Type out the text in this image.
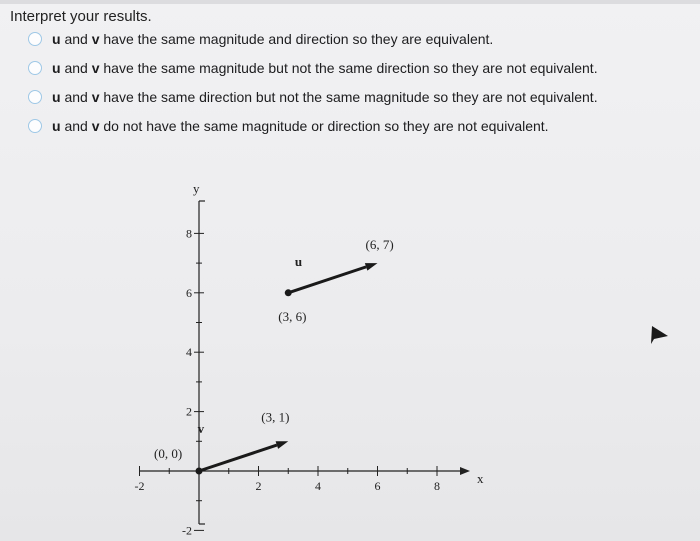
Interpret your results.
u
and
v
have the same magnitude and direction so they are equivalent.
u
and
v
have the same magnitude but not the same direction so they are not equivalent.
u
and
v
have the same direction but not the same magnitude so they are not equivalent.
u
and
v
do not have the same magnitude or direction so they are not equivalent.
x
y
-2	2	4	6	8
8
6
4
2
-2
u
(3, 6)
(6, 7)
v
(0, 0)
(3, 1)
